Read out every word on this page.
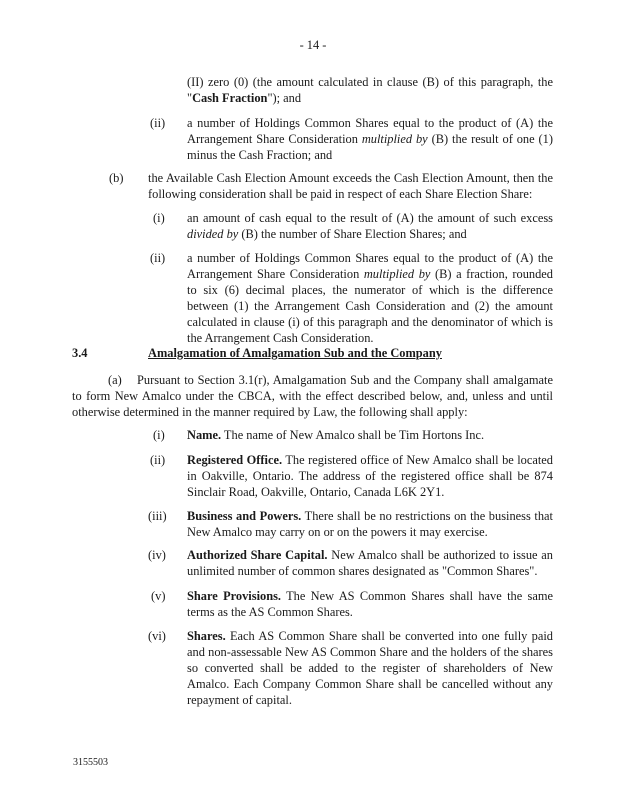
- 14 -
(II) zero (0) (the amount calculated in clause (B) of this paragraph, the "Cash Fraction"); and
(ii) a number of Holdings Common Shares equal to the product of (A) the Arrangement Share Consideration multiplied by (B) the result of one (1) minus the Cash Fraction; and
(b) the Available Cash Election Amount exceeds the Cash Election Amount, then the following consideration shall be paid in respect of each Share Election Share:
(i) an amount of cash equal to the result of (A) the amount of such excess divided by (B) the number of Share Election Shares; and
(ii) a number of Holdings Common Shares equal to the product of (A) the Arrangement Share Consideration multiplied by (B) a fraction, rounded to six (6) decimal places, the numerator of which is the difference between (1) the Arrangement Cash Consideration and (2) the amount calculated in clause (i) of this paragraph and the denominator of which is the Arrangement Cash Consideration.
3.4	Amalgamation of Amalgamation Sub and the Company
(a)    Pursuant to Section 3.1(r), Amalgamation Sub and the Company shall amalgamate to form New Amalco under the CBCA, with the effect described below, and, unless and until otherwise determined in the manner required by Law, the following shall apply:
(i) Name. The name of New Amalco shall be Tim Hortons Inc.
(ii) Registered Office. The registered office of New Amalco shall be located in Oakville, Ontario. The address of the registered office shall be 874 Sinclair Road, Oakville, Ontario, Canada L6K 2Y1.
(iii) Business and Powers. There shall be no restrictions on the business that New Amalco may carry on or on the powers it may exercise.
(iv) Authorized Share Capital. New Amalco shall be authorized to issue an unlimited number of common shares designated as "Common Shares".
(v) Share Provisions. The New AS Common Shares shall have the same terms as the AS Common Shares.
(vi) Shares. Each AS Common Share shall be converted into one fully paid and non-assessable New AS Common Share and the holders of the shares so converted shall be added to the register of shareholders of New Amalco. Each Company Common Share shall be cancelled without any repayment of capital.
3155503
